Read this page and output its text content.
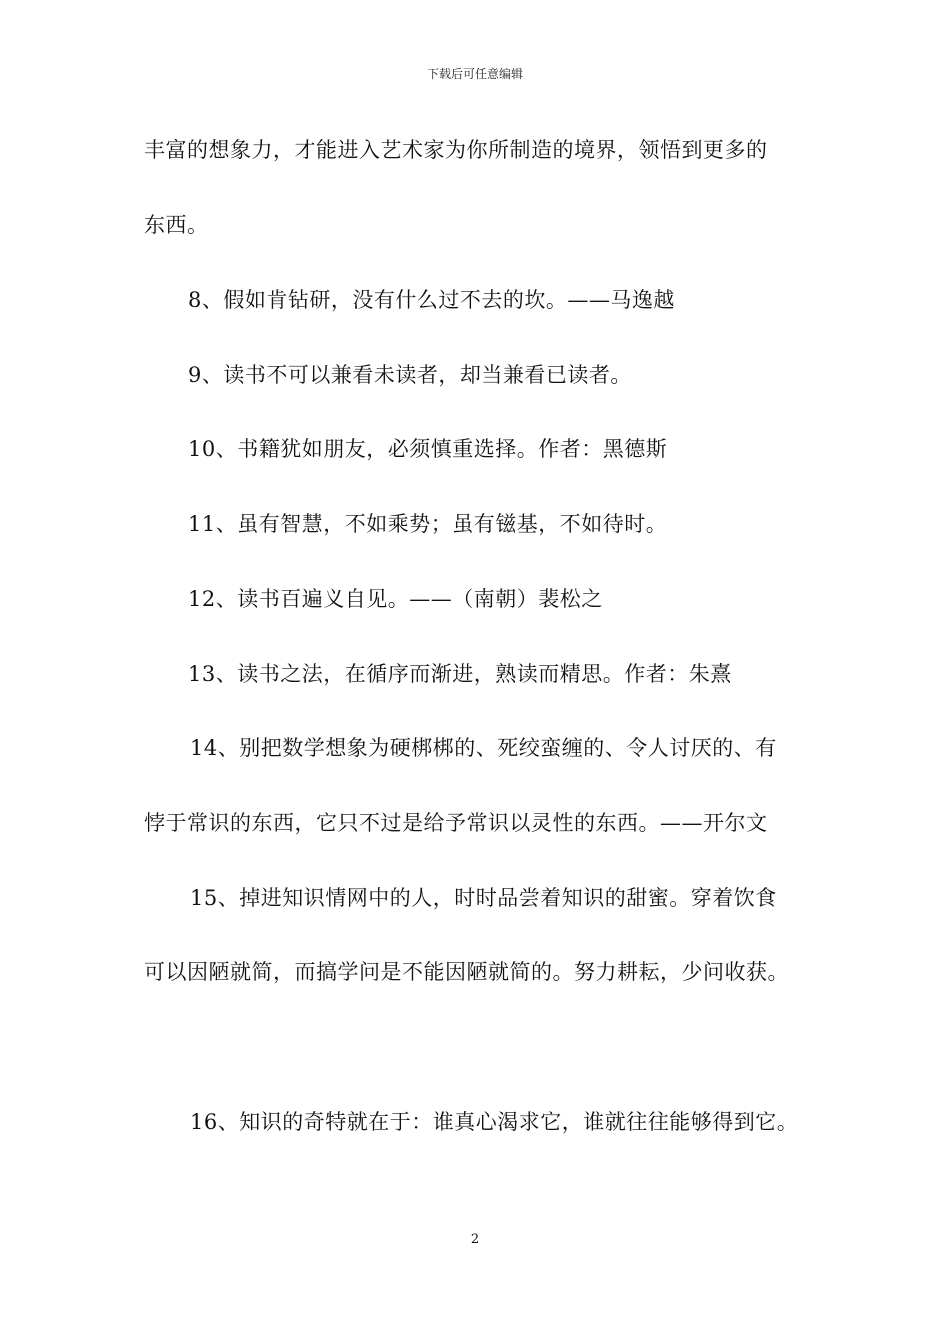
下载后可任意编辑
丰富的想象力，才能进入艺术家为你所制造的境界，领悟到更多的
东西。
8、假如肯钻研，没有什么过不去的坎。——马逸越
9、读书不可以兼看未读者，却当兼看已读者。
10、书籍犹如朋友，必须慎重选择。作者：黑德斯
11、虽有智慧，不如乘势；虽有镃基，不如待时。
12、读书百遍义自见。——（南朝）裴松之
13、读书之法，在循序而渐进，熟读而精思。作者：朱熹
14、别把数学想象为硬梆梆的、死绞蛮缠的、令人讨厌的、有
悖于常识的东西，它只不过是给予常识以灵性的东西。——开尔文
15、掉进知识情网中的人，时时品尝着知识的甜蜜。穿着饮食
可以因陋就简，而搞学问是不能因陋就简的。努力耕耘，少问收获。
16、知识的奇特就在于：谁真心渴求它，谁就往往能够得到它。
2
